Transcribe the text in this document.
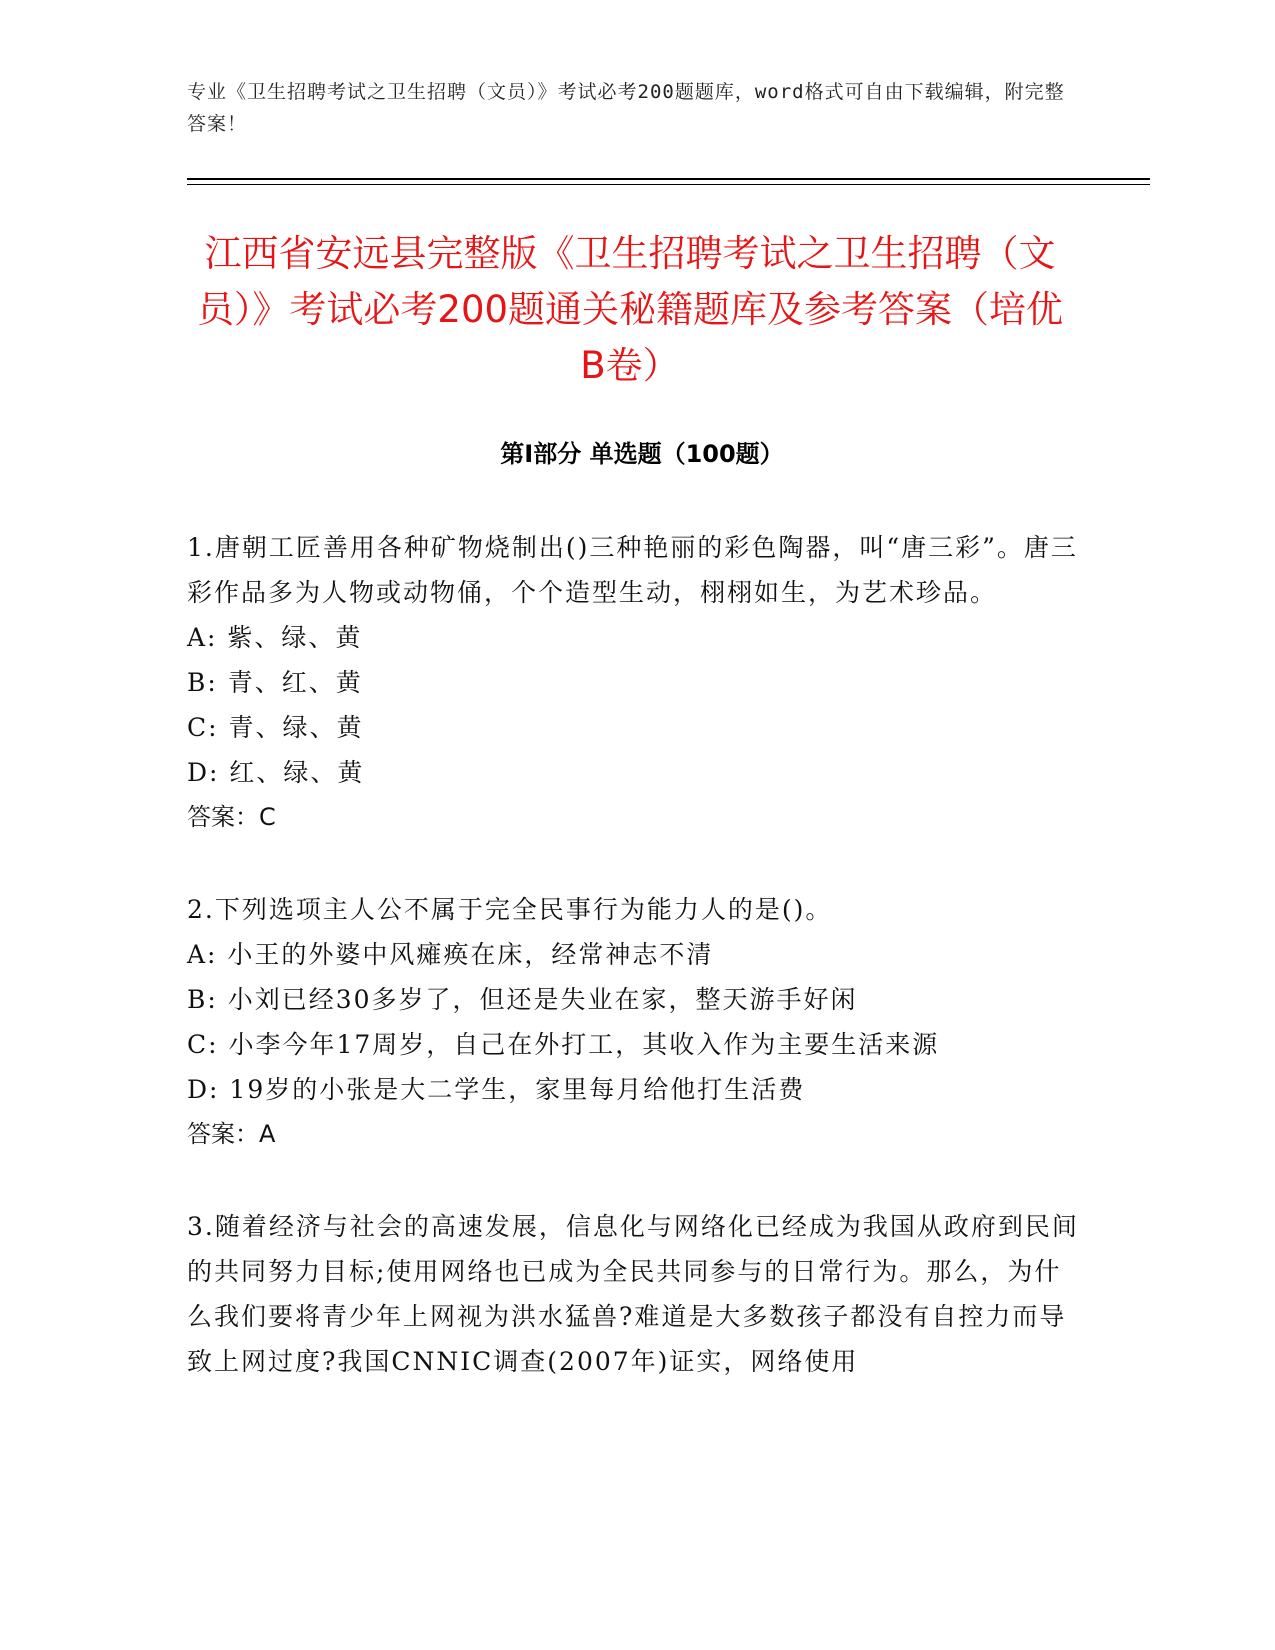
专业《卫生招聘考试之卫生招聘（文员）》考试必考200题题库，word格式可自由下载编辑，附完整答案！
江西省安远县完整版《卫生招聘考试之卫生招聘（文员）》考试必考200题通关秘籍题库及参考答案（培优B卷）
第Ⅰ部分 单选题（100题）

1.唐朝工匠善用各种矿物烧制出()三种艳丽的彩色陶器，叫“唐三彩”。唐三彩作品多为人物或动物俑，个个造型生动，栩栩如生，为艺术珍品。

A: 紫、绿、黄

B: 青、红、黄

C: 青、绿、黄

D: 红、绿、黄

答案：C

2.下列选项主人公不属于完全民事行为能力人的是()。

A: 小王的外婆中风瘫痪在床，经常神志不清

B: 小刘已经30多岁了，但还是失业在家，整天游手好闲

C: 小李今年17周岁，自己在外打工，其收入作为主要生活来源

D: 19岁的小张是大二学生，家里每月给他打生活费

答案：A

3.随着经济与社会的高速发展，信息化与网络化已经成为我国从政府到民间的共同努力目标;使用网络也已成为全民共同参与的日常行为。那么，为什么我们要将青少年上网视为洪水猛兽?难道是大多数孩子都没有自控力而导致上网过度?我国CNNIC调查(2007年)证实，网络使用
